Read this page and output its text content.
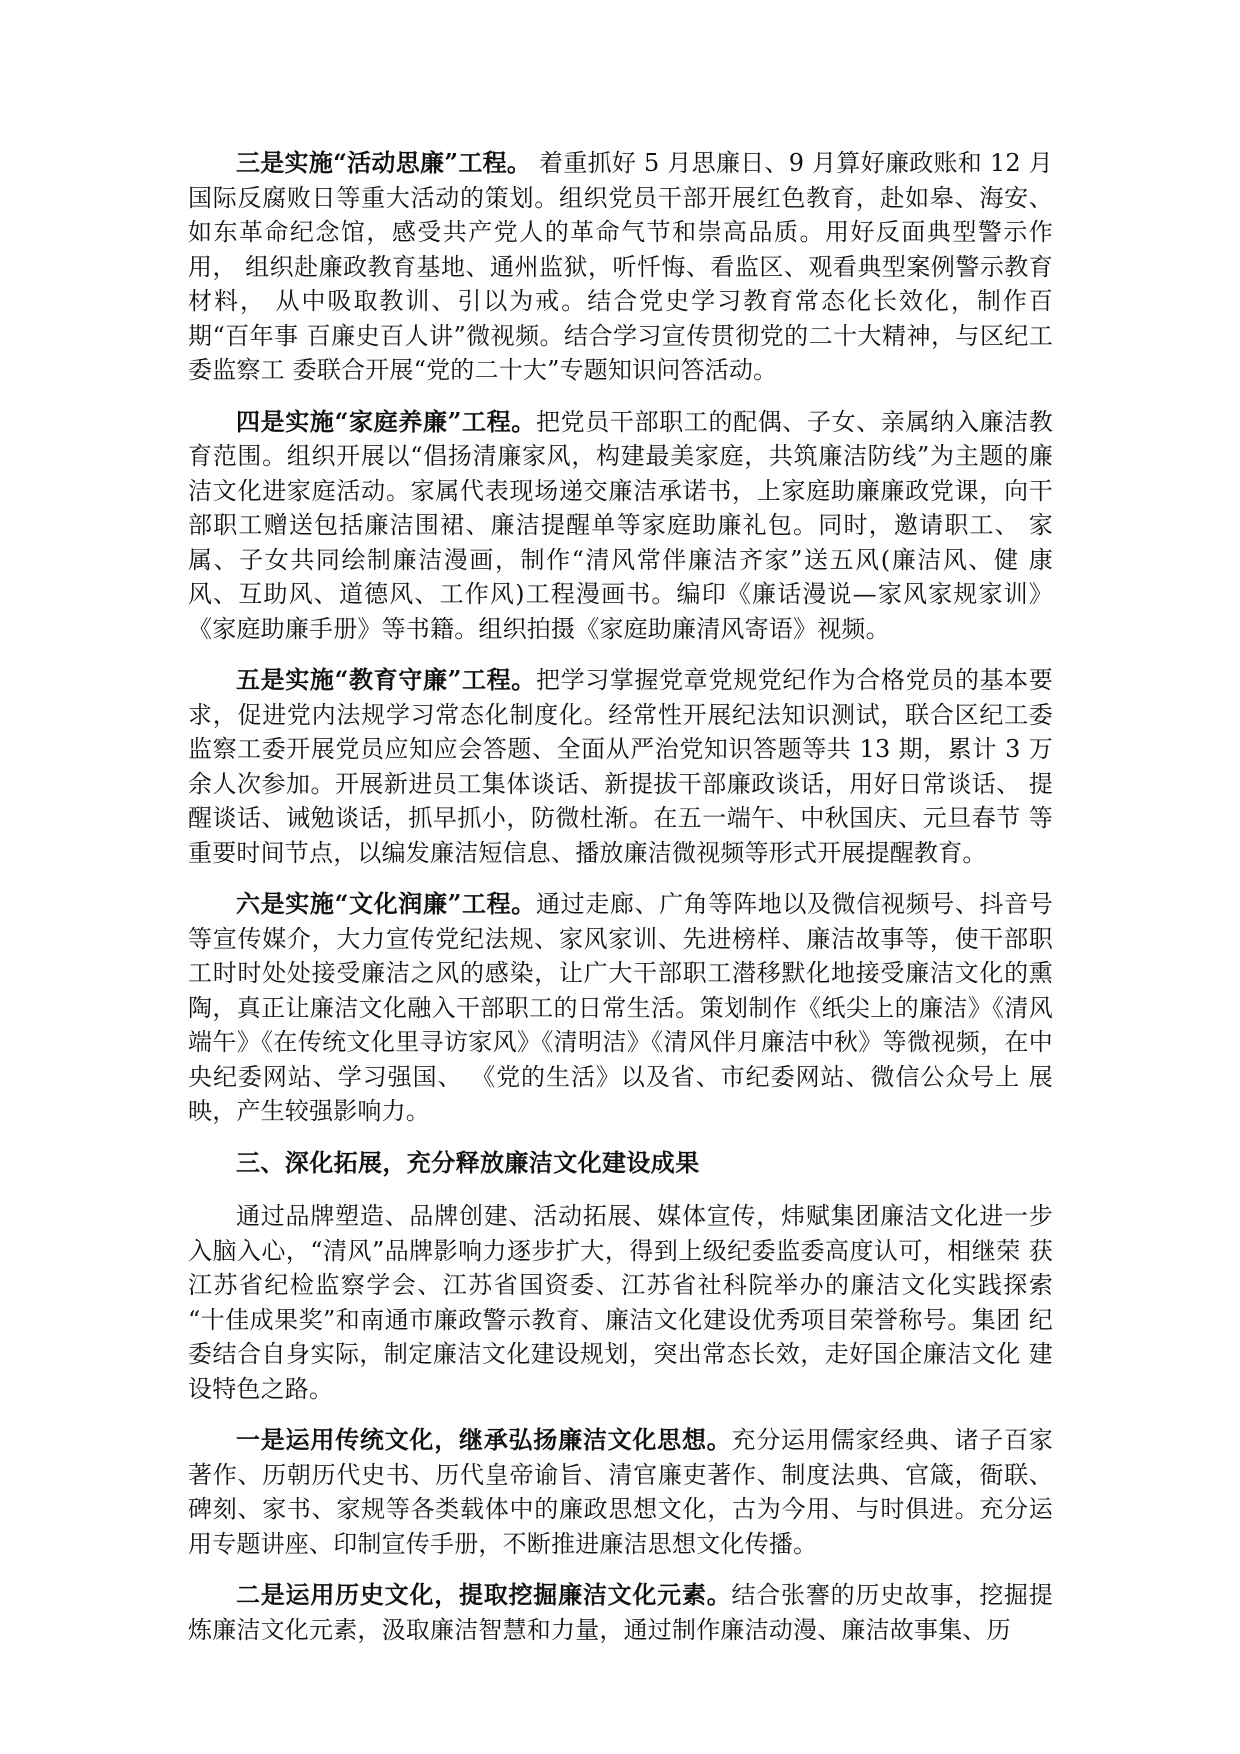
三是实施“活动思廉”工程。 着重抓好 5 月思廉日、9 月算好廉政账和 12 月国际反腐败日等重大活动的策划。组织党员干部开展红色教育，赴如皋、海安、 如东革命纪念馆，感受共产党人的革命气节和崇高品质。用好反面典型警示作用， 组织赴廉政教育基地、通州监狱，听忏悔、看监区、观看典型案例警示教育材料， 从中吸取教训、引以为戒。结合党史学习教育常态化长效化，制作百期“百年事 百廉史百人讲”微视频。结合学习宣传贯彻党的二十大精神，与区纪工委监察工 委联合开展“党的二十大”专题知识问答活动。

四是实施“家庭养廉”工程。把党员干部职工的配偶、子女、亲属纳入廉洁教育范围。组织开展以“倡扬清廉家风，构建最美家庭，共筑廉洁防线”为主题的廉洁文化进家庭活动。家属代表现场递交廉洁承诺书，上家庭助廉廉政党课，向干部职工赠送包括廉洁围裙、廉洁提醒单等家庭助廉礼包。同时，邀请职工、 家属、子女共同绘制廉洁漫画，制作“清风常伴廉洁齐家”送五风(廉洁风、健 康风、互助风、道德风、工作风)工程漫画书。编印《廉话漫说—家风家规家训》 《家庭助廉手册》等书籍。组织拍摄《家庭助廉清风寄语》视频。

五是实施“教育守廉”工程。把学习掌握党章党规党纪作为合格党员的基本要求，促进党内法规学习常态化制度化。经常性开展纪法知识测试，联合区纪工委监察工委开展党员应知应会答题、全面从严治党知识答题等共 13 期，累计 3 万余人次参加。开展新进员工集体谈话、新提拔干部廉政谈话，用好日常谈话、 提醒谈话、诫勉谈话，抓早抓小，防微杜渐。在五一端午、中秋国庆、元旦春节 等重要时间节点，以编发廉洁短信息、播放廉洁微视频等形式开展提醒教育。

六是实施“文化润廉”工程。通过走廊、广角等阵地以及微信视频号、抖音号等宣传媒介，大力宣传党纪法规、家风家训、先进榜样、廉洁故事等，使干部职工时时处处接受廉洁之风的感染，让广大干部职工潜移默化地接受廉洁文化的熏陶，真正让廉洁文化融入干部职工的日常生活。策划制作《纸尖上的廉洁》《清风端午》《在传统文化里寻访家风》《清明洁》《清风伴月廉洁中秋》等微视频，在中央纪委网站、学习强国、 《党的生活》以及省、市纪委网站、微信公众号上 展映，产生较强影响力。

三、深化拓展，充分释放廉洁文化建设成果

通过品牌塑造、品牌创建、活动拓展、媒体宣传，炜赋集团廉洁文化进一步入脑入心，“清风”品牌影响力逐步扩大，得到上级纪委监委高度认可，相继荣 获江苏省纪检监察学会、江苏省国资委、江苏省社科院举办的廉洁文化实践探索 “十佳成果奖”和南通市廉政警示教育、廉洁文化建设优秀项目荣誉称号。集团 纪委结合自身实际，制定廉洁文化建设规划，突出常态长效，走好国企廉洁文化 建设特色之路。

一是运用传统文化，继承弘扬廉洁文化思想。充分运用儒家经典、诸子百家著作、历朝历代史书、历代皇帝谕旨、清官廉吏著作、制度法典、官箴，衙联、碑刻、家书、家规等各类载体中的廉政思想文化，古为今用、与时俱进。充分运 用专题讲座、印制宣传手册，不断推进廉洁思想文化传播。

二是运用历史文化，提取挖掘廉洁文化元素。结合张謇的历史故事，挖掘提炼廉洁文化元素，汲取廉洁智慧和力量，通过制作廉洁动漫、廉洁故事集、历
